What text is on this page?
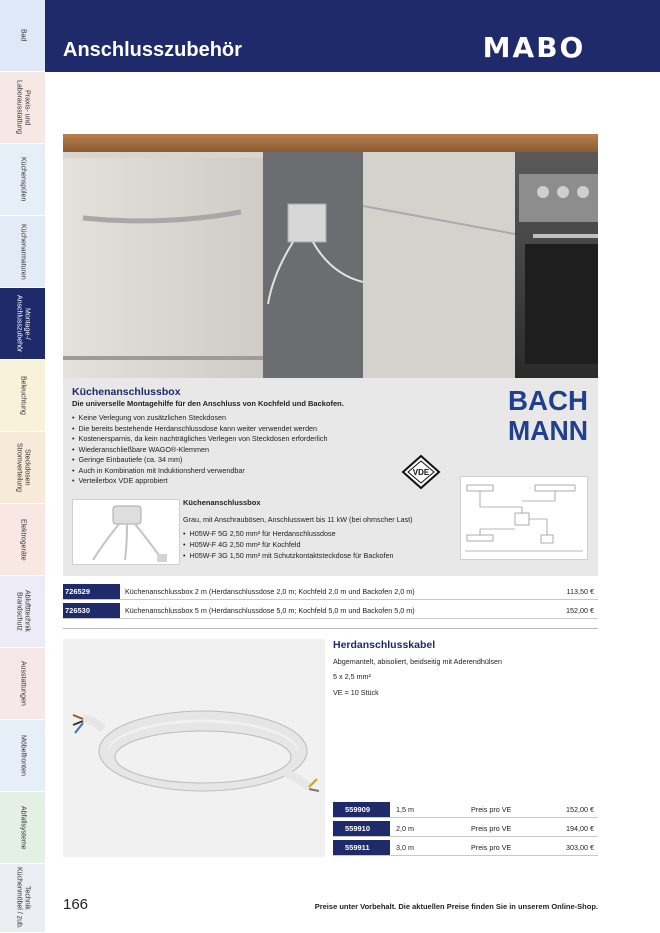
Bad
Praxis- und
Laborausstattung
Küchenspülen
Küchenarmaturen
Montage-/
Anschlusszubehör
Beleuchtung
Steckdosen
Stromverteilung
Elektrogeräte
Abluftttechnik
Brandschutz
Ausstattungen
Möbelfronten
Abfallsysteme
Technik
Küchenmöbel / zub.
Anschlusszubehör	MABO
Küchenanschlussbox
Die universelle Montagehilfe für den Anschluss von Kochfeld und Backofen.
• Keine Verlegung von zusätzlichen Steckdosen
• Die bereits bestehende Herdanschlussdose kann weiter verwendet werden
• Kostenersparnis, da kein nachträgliches Verlegen von Steckdosen erforderlich
• Wiederanschließbare WAGO®-Klemmen
• Geringe Einbautiefe (ca. 34 mm)
• Auch in Kombination mit Induktionsherd verwendbar
• Verteilerbox VDE approbiert
BACH
MANN
VDE
Küchenanschlussbox
Grau, mit Anschraubösen, Anschlusswert bis 11 kW (bei ohmscher Last)
• H05W-F 5G 2,50 mm² für Herdanschlussdose
• H05W-F 4G 2,50 mm² für Kochfeld
• H05W-F 3G 1,50 mm² mit Schutzkontaktsteckdose für Backofen
726529	Küchenanschlussbox 2 m (Herdanschlussdose 2,0 m; Kochfeld 2,0 m und Backofen 2,0 m)	113,50 €
726530	Küchenanschlussbox 5 m (Herdanschlussdose 5,0 m; Kochfeld 5,0 m und Backofen 5,0 m)	152,00 €
Herdanschlusskabel
Abgemantelt, abisoliert, beidseitig mit Aderendhülsen
5 x 2,5 mm²
VE = 10 Stück
559909	1,5 m	Preis pro VE	152,00 €
559910	2,0 m	Preis pro VE	194,00 €
559911	3,0 m	Preis pro VE	303,00 €
166	Preise unter Vorbehalt. Die aktuellen Preise finden Sie in unserem Online-Shop.
